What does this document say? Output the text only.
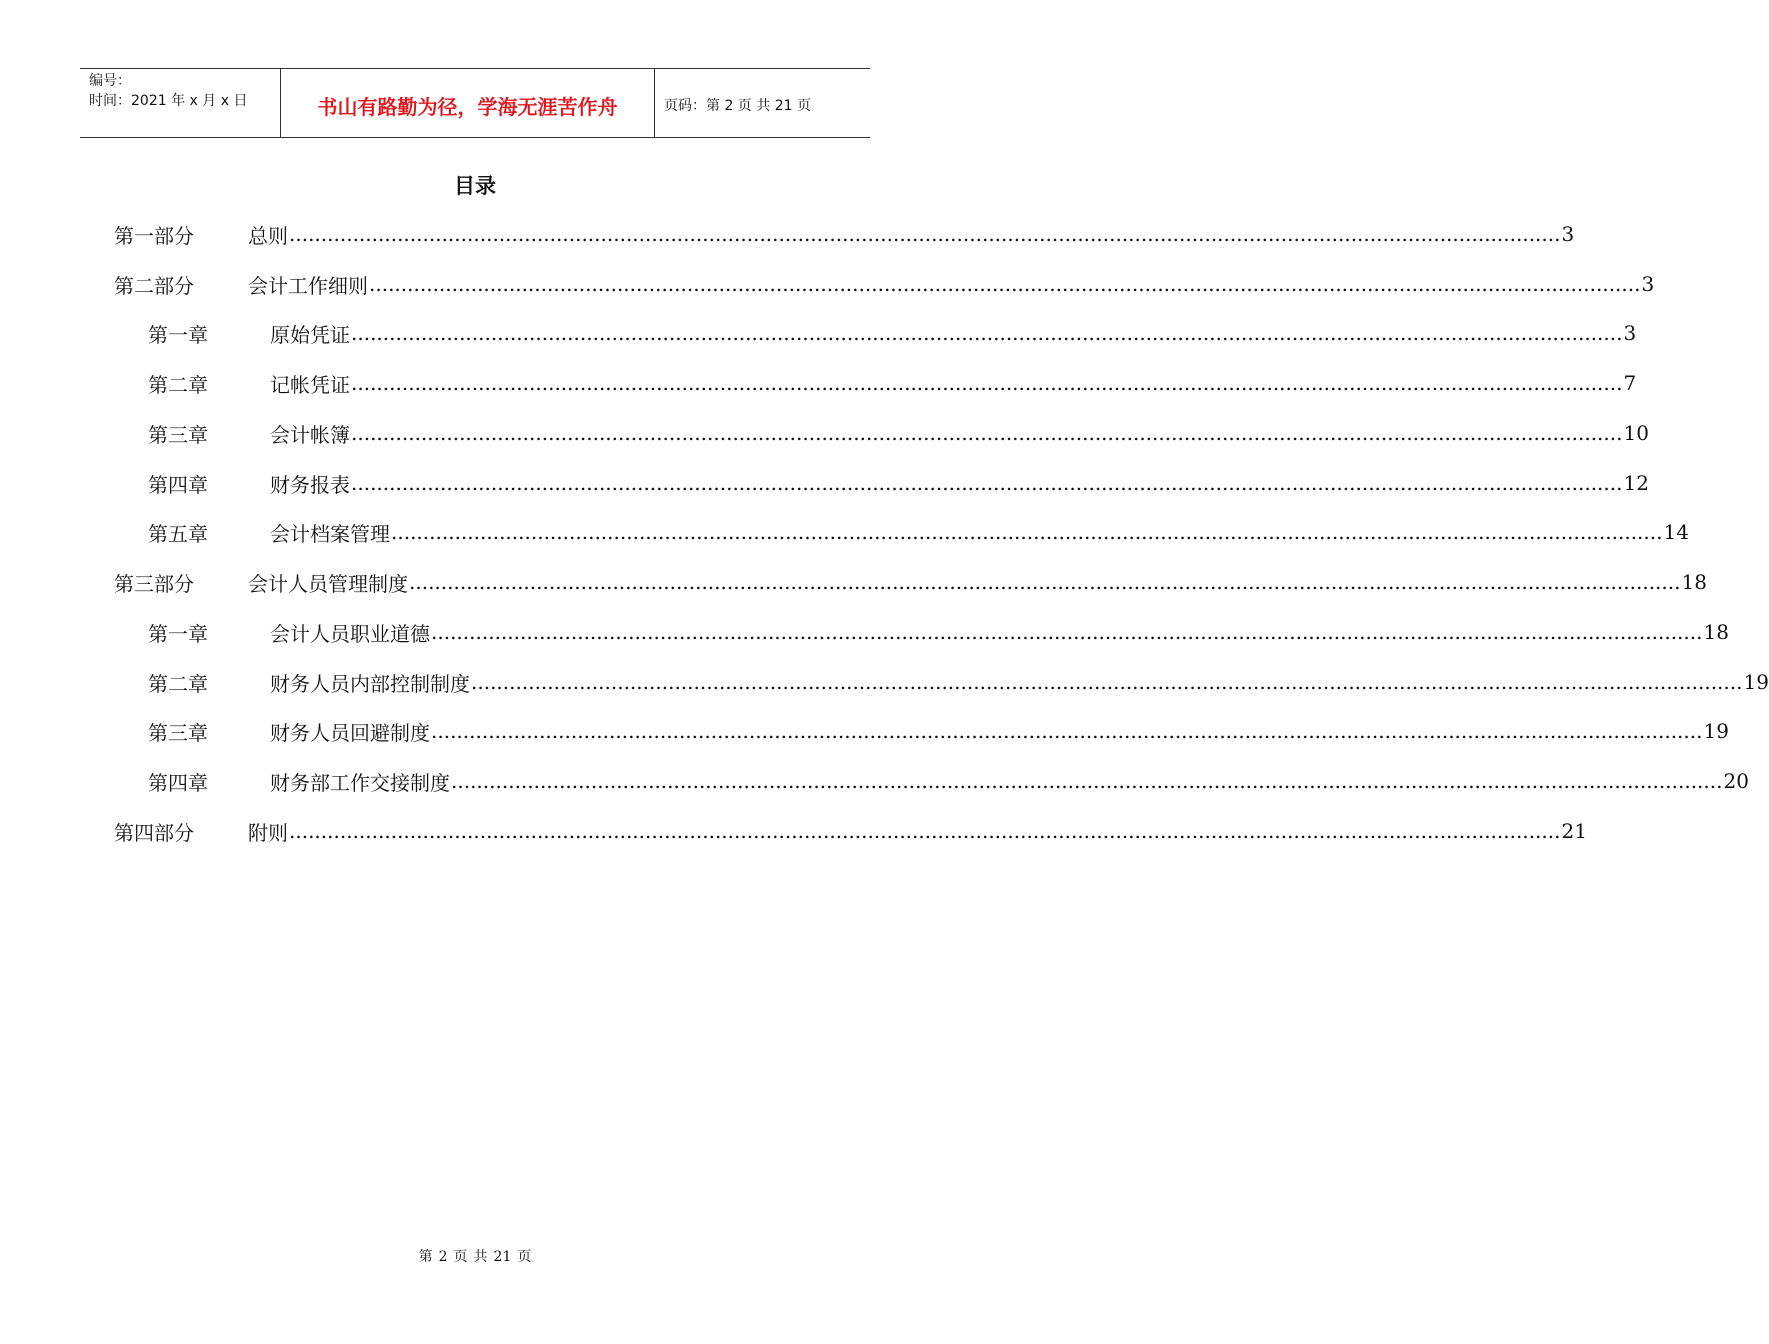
编号：
时间：2021 年 x 月 x 日	书山有路勤为径，学海无涯苦作舟	页码：第 2 页 共 21 页
目录
第一部分	总则 ........................................................................................................................................................................................................ 3
第二部分	会计工作细则 ........................................................................................................................................................................................................ 3
第一章	原始凭证 ........................................................................................................................................................................................................ 3
第二章	记帐凭证 ........................................................................................................................................................................................................ 7
第三章	会计帐簿 ........................................................................................................................................................................................................ 10
第四章	财务报表 ........................................................................................................................................................................................................ 12
第五章	会计档案管理 ........................................................................................................................................................................................................ 14
第三部分	会计人员管理制度 ........................................................................................................................................................................................................ 18
第一章	会计人员职业道德 ........................................................................................................................................................................................................ 18
第二章	财务人员内部控制制度 ........................................................................................................................................................................................................ 19
第三章	财务人员回避制度 ........................................................................................................................................................................................................ 19
第四章	财务部工作交接制度 ........................................................................................................................................................................................................ 20
第四部分	附则 ........................................................................................................................................................................................................ 21
第 2 页 共 21 页
